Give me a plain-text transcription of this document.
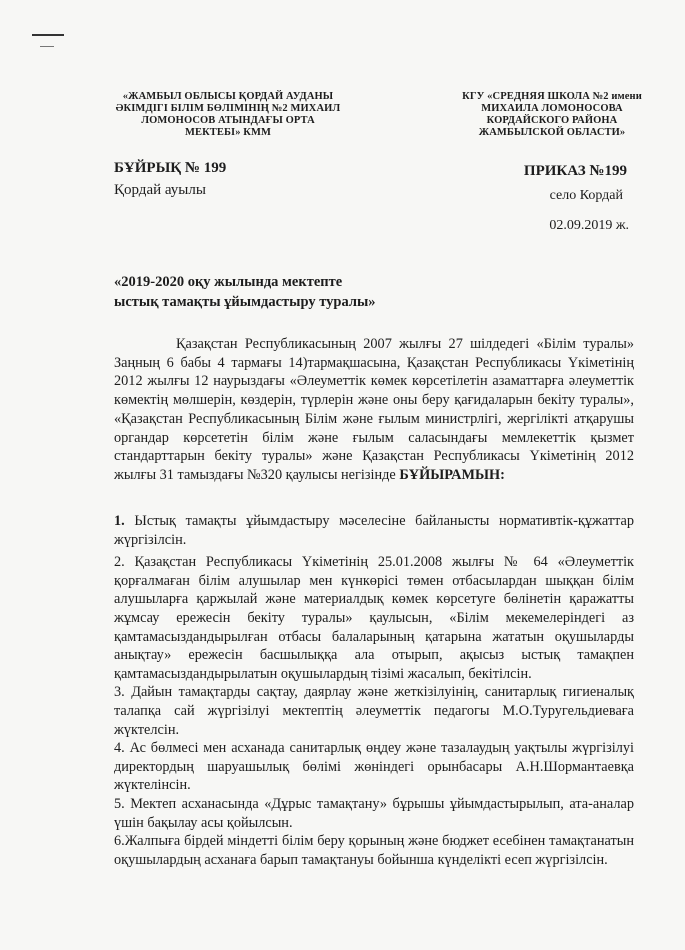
«ЖАМБЫЛ ОБЛЫСЫ ҚОРДАЙ АУДАНЫ
ӘКІМДІГІ БІЛІМ БӨЛІМІНІҢ №2 МИХАИЛ
ЛОМОНОСОВ АТЫНДАҒЫ ОРТА
МЕКТЕБІ» КММ
КГУ «СРЕДНЯЯ ШКОЛА №2 имени
МИХАИЛА ЛОМОНОСОВА
КОРДАЙСКОГО РАЙОНА
ЖАМБЫЛСКОЙ ОБЛАСТИ»
БҰЙРЫҚ № 199
Қордай ауылы
ПРИКАЗ №199
село Кордай
02.09.2019 ж.
«2019-2020 оқу жылында мектепте
ыстық тамақты ұйымдастыру туралы»
Қазақстан Республикасының 2007 жылғы 27 шілдедегі «Білім туралы» Заңның 6 бабы 4 тармағы 14)тармақшасына, Қазақстан Республикасы Үкіметінің 2012 жылғы 12 наурыздағы «Әлеуметтік көмек көрсетілетін азаматтарға әлеуметтік көмектің мөлшерін, көздерін, түрлерін және оны беру қағидаларын бекіту туралы», «Қазақстан Республикасының Білім және ғылым министрлігі, жергілікті атқарушы органдар көрсететін білім және ғылым саласындағы мемлекеттік қызмет стандарттарын бекіту туралы» және Қазақстан Республикасы Үкіметінің 2012 жылғы 31 тамыздағы №320 қаулысы негізінде БҰЙЫРАМЫН:

1. Ыстық тамақты ұйымдастыру мәселесіне байланысты нормативтік-құжаттар жүргізілсін.

2. Қазақстан Республикасы Үкіметінің 25.01.2008 жылғы № 64 «Әлеуметтік қорғалмаған білім алушылар мен күнкөрісі төмен отбасылардан шыққан білім алушыларға қаржылай және материалдық көмек көрсетуге бөлінетін қаражатты жұмсау ережесін бекіту туралы» қаулысын, «Білім мекемелеріндегі аз қамтамасыздандырылған отбасы балаларының қатарына жататын оқушыларды анықтау» ережесін басшылыққа ала отырып, ақысыз ыстық тамақпен қамтамасыздандырылатын оқушылардың тізімі жасалып, бекітілсін.

3. Дайын тамақтарды сақтау, даярлау және жеткізілуінің, санитарлық гигиеналық талапқа сай жүргізілуі мектептің әлеуметтік педагогы М.О.Туругельдиеваға жүктелсін.

4. Ас бөлмесі мен асханада санитарлық өңдеу және тазалаудың уақтылы жүргізілуі директордың шаруашылық бөлімі жөніндегі орынбасары А.Н.Шормантаевқа жүктелінсін.

5. Мектеп асханасында «Дұрыс тамақтану» бұрышы ұйымдастырылып, ата-аналар үшін бақылау асы қойылсын.

6.Жалпыға бірдей міндетті білім беру қорының және бюджет есебінен тамақтанатын оқушылардың асханаға барып тамақтануы бойынша күнделікті есеп жүргізілсін.
